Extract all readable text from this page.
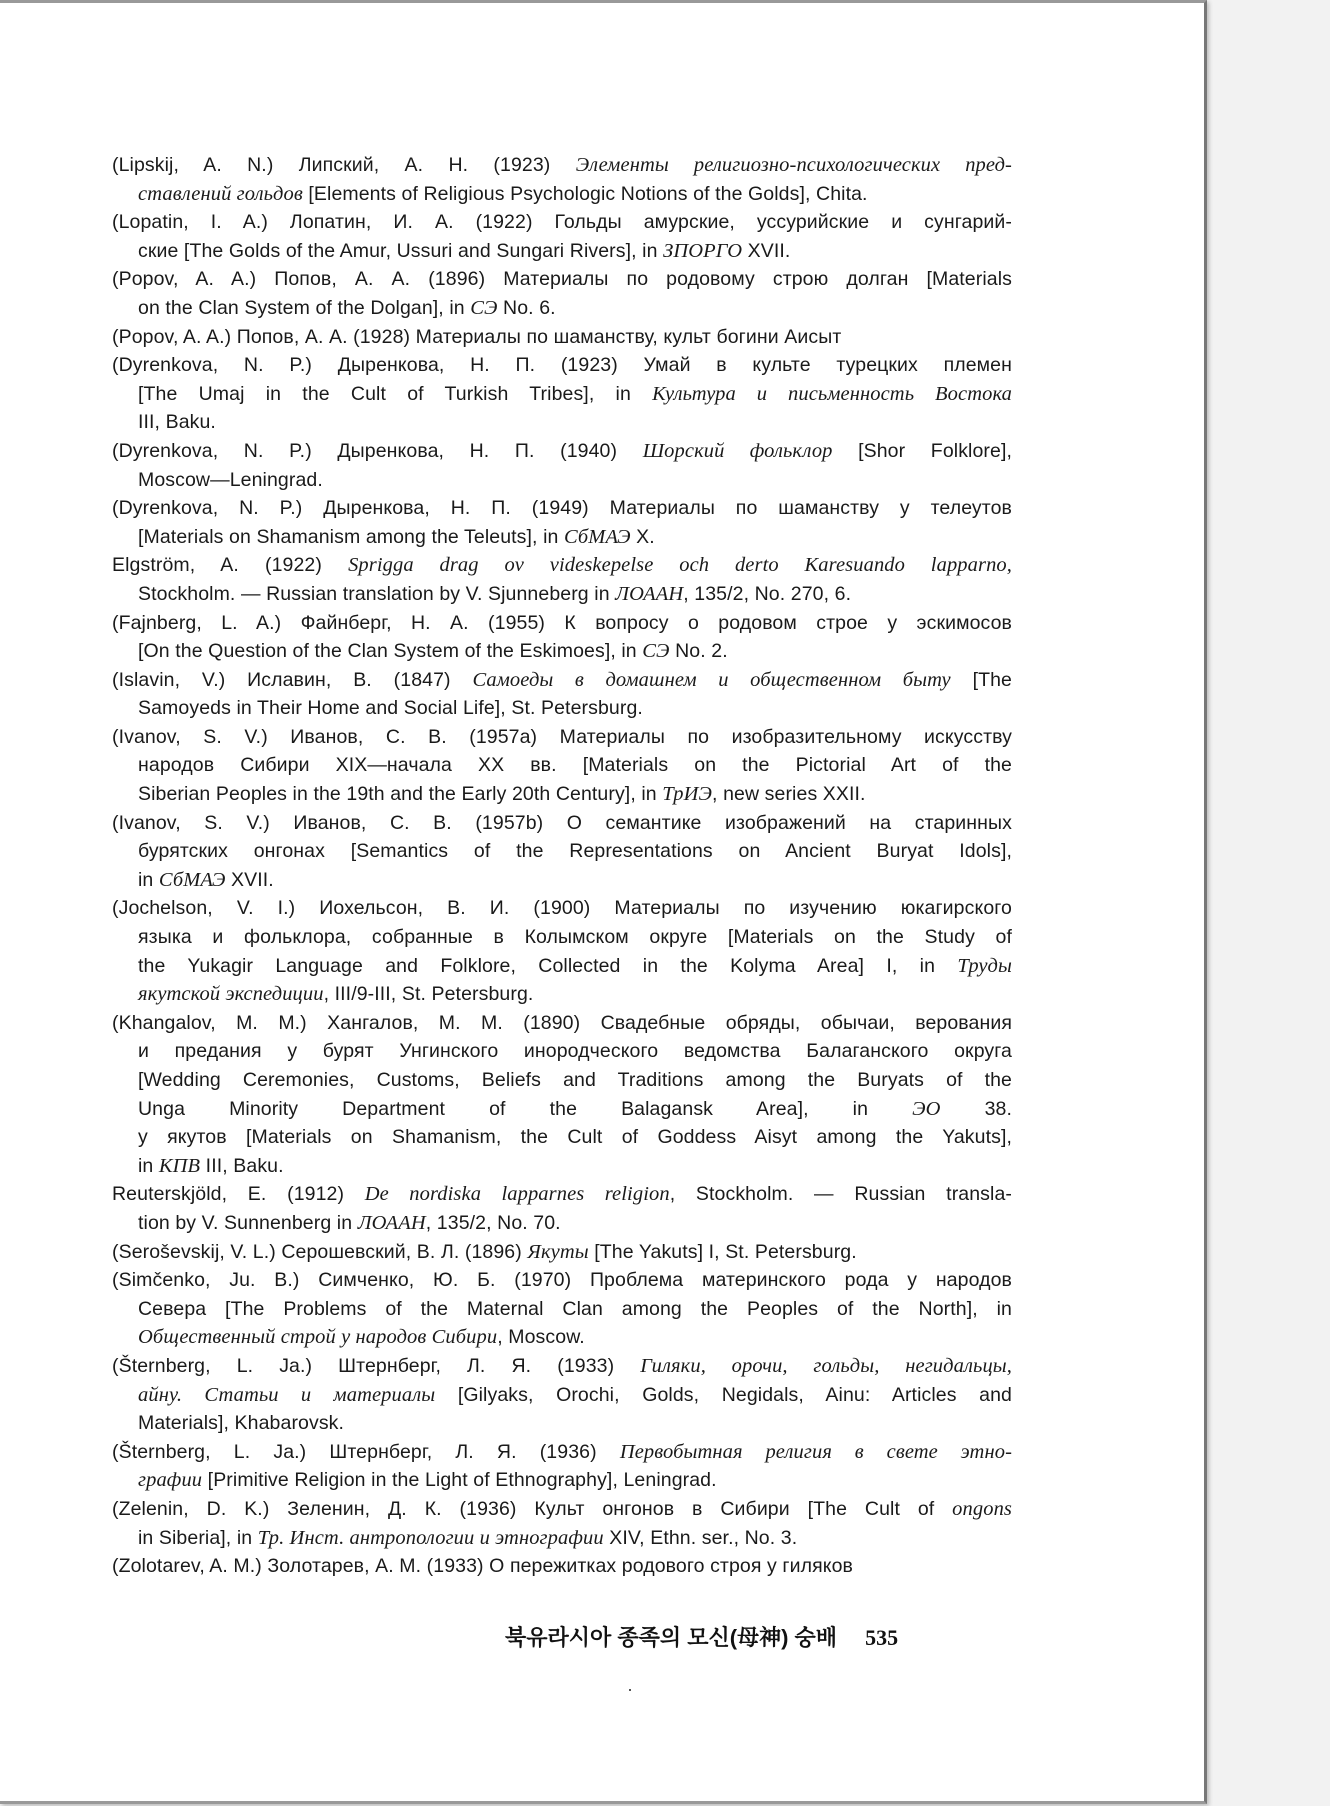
(Lipskij, A. N.) Липский, А. Н. (1923) Элементы религиозно-психологических пред-
ставлений гольдов [Elements of Religious Psychologic Notions of the Golds], Chita.
(Lopatin, I. A.) Лопатин, И. А. (1922) Гольды амурские, уссурийские и сунгарий-
ские [The Golds of the Amur, Ussuri and Sungari Rivers], in ЗПОРГО XVII.
(Popov, A. A.) Попов, А. А. (1896) Материалы по родовому строю долган [Materials
on the Clan System of the Dolgan], in СЭ No. 6.
(Popov, A. A.) Попов, А. А. (1928) Материалы по шаманству, культ богини Аисыт
(Dyrenkova, N. P.) Дыренкова, Н. П. (1923) Умай в культе турецких племен
[The Umaj in the Cult of Turkish Tribes], in Культура и письменность Востока
III, Baku.
(Dyrenkova, N. P.) Дыренкова, Н. П. (1940) Шорский фольклор [Shor Folklore],
Moscow—Leningrad.
(Dyrenkova, N. P.) Дыренкова, Н. П. (1949) Материалы по шаманству у телеутов
[Materials on Shamanism among the Teleuts], in СбМАЭ X.
Elgström, A. (1922) Sprigga drag ov videskepelse och derto Karesuando lapparno,
Stockholm. — Russian translation by V. Sjunneberg in ЛОААН, 135/2, No. 270, 6.
(Fajnberg, L. A.) Файнберг, Н. А. (1955) К вопросу о родовом строе у эскимосов
[On the Question of the Clan System of the Eskimoes], in СЭ No. 2.
(Islavin, V.) Иславин, В. (1847) Самоеды в домашнем и общественном быту [The
Samoyeds in Their Home and Social Life], St. Petersburg.
(Ivanov, S. V.) Иванов, С. В. (1957a) Материалы по изобразительному искусству
народов Сибири XIX—начала XX вв. [Materials on the Pictorial Art of the
Siberian Peoples in the 19th and the Early 20th Century], in ТрИЭ, new series XXII.
(Ivanov, S. V.) Иванов, С. В. (1957b) О семантике изображений на старинных
бурятских онгонах [Semantics of the Representations on Ancient Buryat Idols],
in СбМАЭ XVII.
(Jochelson, V. I.) Иохельсон, В. И. (1900) Материалы по изучению юкагирского
языка и фольклора, собранные в Колымском округе [Materials on the Study of
the Yukagir Language and Folklore, Collected in the Kolyma Area] I, in Труды
якутской экспедиции, III/9-III, St. Petersburg.
(Khangalov, M. M.) Хангалов, М. М. (1890) Свадебные обряды, обычаи, верования
и предания у бурят Унгинского инородческого ведомства Балаганского округа
[Wedding Ceremonies, Customs, Beliefs and Traditions among the Buryats of the
Unga Minority Department of the Balagansk Area], in ЭО 38.
у якутов [Materials on Shamanism, the Cult of Goddess Aisyt among the Yakuts],
in КПВ III, Baku.
Reuterskjöld, E. (1912) De nordiska lapparnes religion, Stockholm. — Russian transla-
tion by V. Sunnenberg in ЛОААН, 135/2, No. 70.
(Seroševskij, V. L.) Серошевский, В. Л. (1896) Якуты [The Yakuts] I, St. Petersburg.
(Simčenko, Ju. B.) Симченко, Ю. Б. (1970) Проблема материнского рода у народов
Севера [The Problems of the Maternal Clan among the Peoples of the North], in
Общественный строй у народов Сибири, Moscow.
(Šternberg, L. Ja.) Штернберг, Л. Я. (1933) Гиляки, орочи, гольды, негидальцы,
айну. Статьи и материалы [Gilyaks, Orochi, Golds, Negidals, Ainu: Articles and
Materials], Khabarovsk.
(Šternberg, L. Ja.) Штернберг, Л. Я. (1936) Первобытная религия в свете этно-
графии [Primitive Religion in the Light of Ethnography], Leningrad.
(Zelenin, D. K.) Зеленин, Д. К. (1936) Культ онгонов в Сибири [The Cult of ongons
in Siberia], in Тр. Инст. антропологии и этнографии XIV, Ethn. ser., No. 3.
(Zolotarev, A. M.) Золотарев, А. М. (1933) О пережитках родового строя у гиляков
북유라시아 종족의 모신(母神) 숭배 535
